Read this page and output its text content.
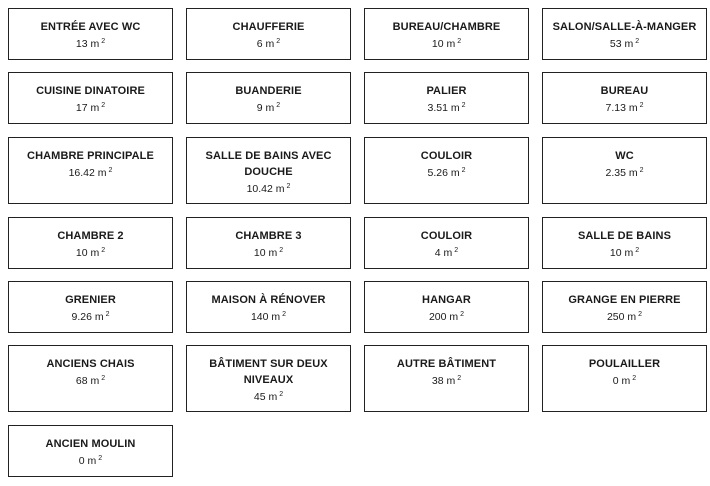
ENTRÉE AVEC WC
13 m $^2$
CHAUFFERIE
6 m $^2$
BUREAU/CHAMBRE
10 m $^2$
SALON/SALLE-À-MANGER
53 m $^2$
CUISINE DINATOIRE
17 m $^2$
BUANDERIE
9 m $^2$
PALIER
3.51 m $^2$
BUREAU
7.13 m $^2$
CHAMBRE PRINCIPALE
16.42 m $^2$
SALLE DE BAINS AVEC DOUCHE
10.42 m $^2$
COULOIR
5.26 m $^2$
WC
2.35 m $^2$
CHAMBRE 2
10 m $^2$
CHAMBRE 3
10 m $^2$
COULOIR
4 m $^2$
SALLE DE BAINS
10 m $^2$
GRENIER
9.26 m $^2$
MAISON À RÉNOVER
140 m $^2$
HANGAR
200 m $^2$
GRANGE EN PIERRE
250 m $^2$
ANCIENS CHAIS
68 m $^2$
BÂTIMENT SUR DEUX NIVEAUX
45 m $^2$
AUTRE BÂTIMENT
38 m $^2$
POULAILLER
0 m $^2$
ANCIEN MOULIN
0 m $^2$
